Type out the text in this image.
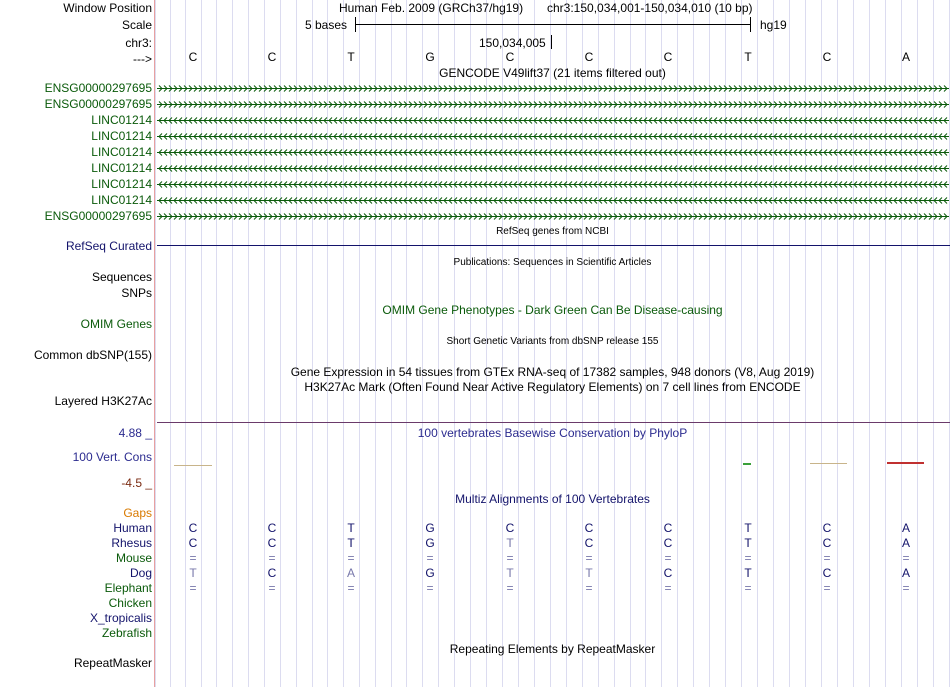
Window Position	Human Feb. 2009 (GRCh37/hg19) chr3:150,034,001-150,034,010 (10 bp)
Scale	5 bases	hg19
chr3:	150,034,005
--->	C	C	T	G	C	C	C	T	C	A
GENCODE V49lift37 (21 items filtered out)
ENSG00000297695
ENSG00000297695
LINC01214
LINC01214
LINC01214
LINC01214
LINC01214
LINC01214
ENSG00000297695
RefSeq genes from NCBI
RefSeq Curated
Publications: Sequences in Scientific Articles
Sequences
SNPs
OMIM Gene Phenotypes - Dark Green Can Be Disease-causing
OMIM Genes
Short Genetic Variants from dbSNP release 155
Common dbSNP(155)
Gene Expression in 54 tissues from GTEx RNA-seq of 17382 samples, 948 donors (V8, Aug 2019)
H3K27Ac Mark (Often Found Near Active Regulatory Elements) on 7 cell lines from ENCODE
Layered H3K27Ac
100 vertebrates Basewise Conservation by PhyloP
4.88 _
100 Vert. Cons
-4.5 _
Multiz Alignments of 100 Vertebrates
Gaps
Human	C	C	T	G	C	C	C	T	C	A
Rhesus	C	C	T	G	T	C	C	T	C	A
Mouse	=	=	=	=	=	=	=	=	=	=
Dog	T	C	A	G	T	T	C	T	C	A
Elephant	=	=	=	=	=	=	=	=	=	=
Chicken
X_tropicalis
Zebrafish
Repeating Elements by RepeatMasker
RepeatMasker
